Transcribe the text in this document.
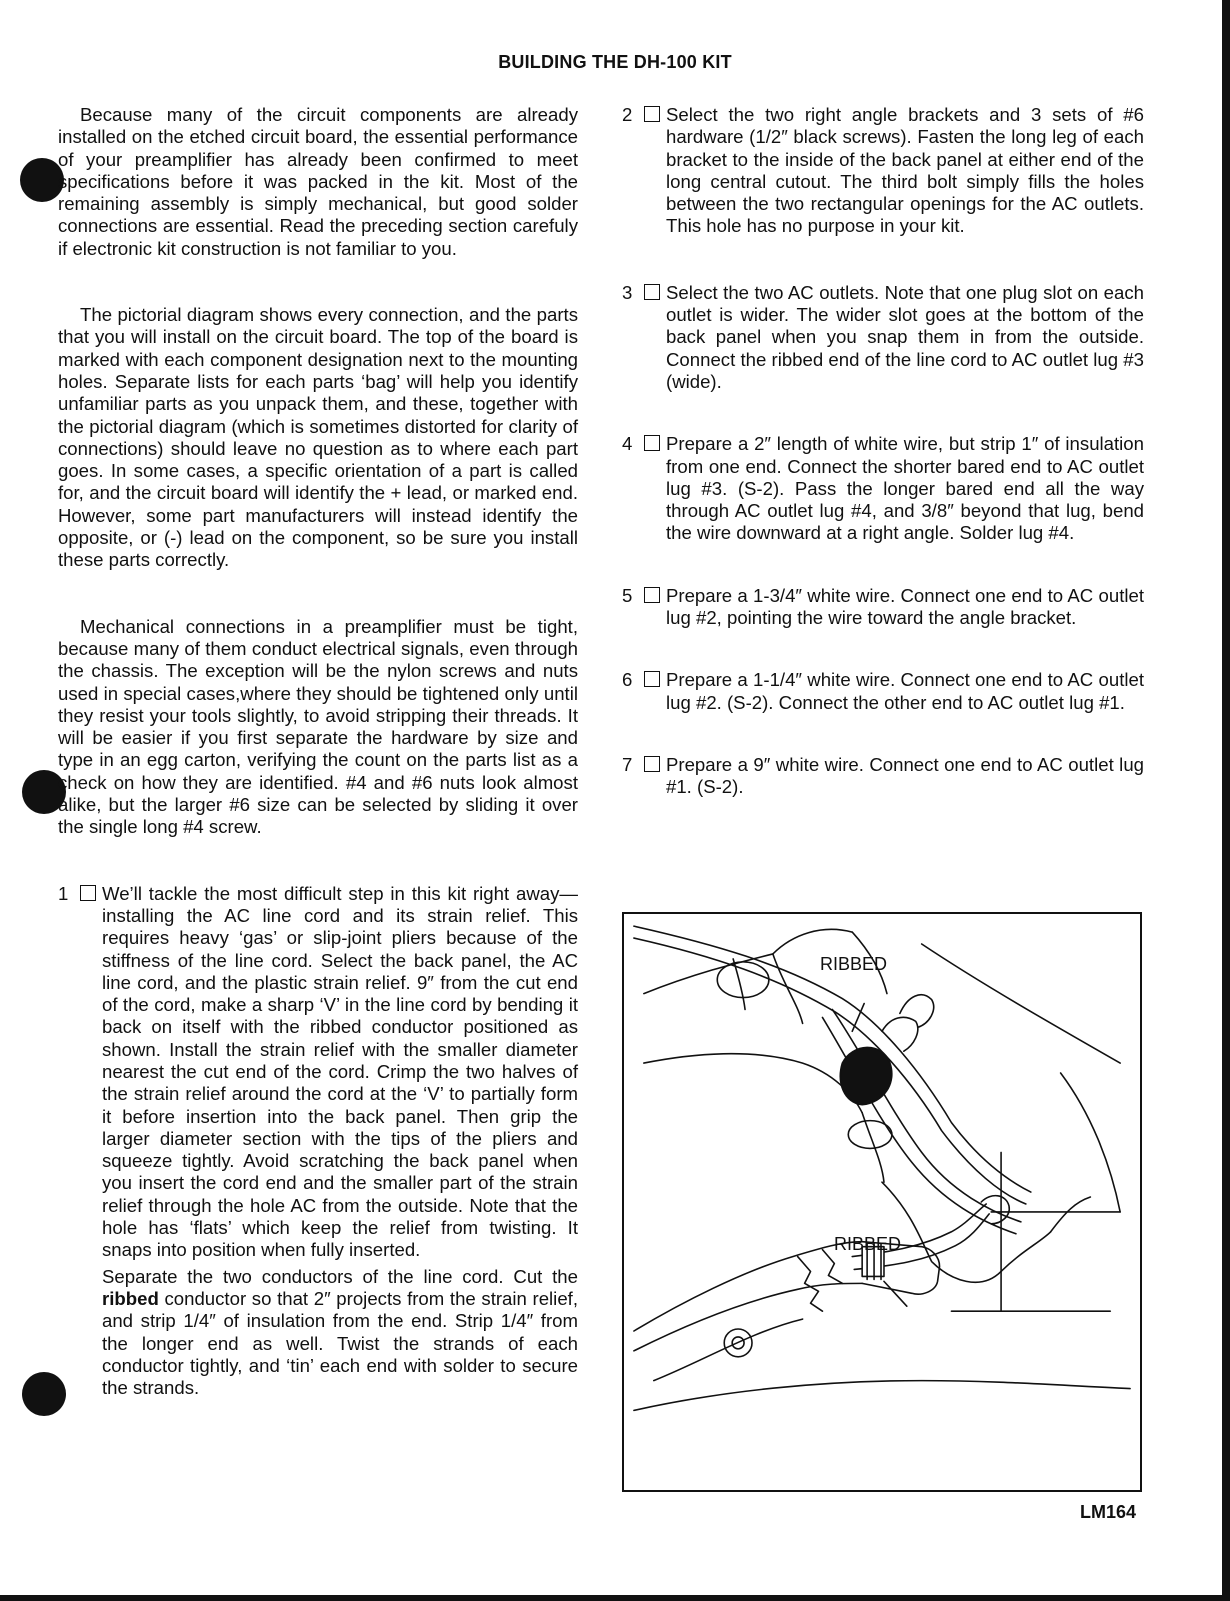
BUILDING THE DH-100 KIT

Because many of the circuit components are already installed on the etched circuit board, the essential performance of your preamplifier has already been confirmed to meet specifications before it was packed in the kit. Most of the remaining assembly is simply mechanical, but good solder connections are essential. Read the preceding section carefuly if electronic kit construction is not familiar to you.

The pictorial diagram shows every connection, and the parts that you will install on the circuit board. The top of the board is marked with each component designation next to the mounting holes. Separate lists for each parts ‘bag’ will help you identify unfamiliar parts as you unpack them, and these, together with the pictorial diagram (which is sometimes distorted for clarity of connections) should leave no question as to where each part goes. In some cases, a specific orientation of a part is called for, and the circuit board will identify the + lead, or marked end. However, some part manufacturers will instead identify the opposite, or (-) lead on the component, so be sure you install these parts correctly.

Mechanical connections in a preamplifier must be tight, because many of them conduct electrical signals, even through the chassis. The exception will be the nylon screws and nuts used in special cases,where they should be tightened only until they resist your tools slightly, to avoid stripping their threads. It will be easier if you first separate the hardware by size and type in an egg carton, verifying the count on the parts list as a check on how they are identified. #4 and #6 nuts look almost alike, but the larger #6 size can be selected by sliding it over the single long #4 screw.

1	We’ll tackle the most difficult step in this kit right away—installing the AC line cord and its strain relief. This requires heavy ‘gas’ or slip-joint pliers because of the stiffness of the line cord. Select the back panel, the AC line cord, and the plastic strain relief. 9″ from the cut end of the cord, make a sharp ‘V’ in the line cord by bending it back on itself with the ribbed conductor positioned as shown. Install the strain relief with the smaller diameter nearest the cut end of the cord. Crimp the two halves of the strain relief around the cord at the ‘V’ to partially form it before insertion into the back panel. Then grip the larger diameter section with the tips of the pliers and squeeze tightly. Avoid scratching the back panel when you insert the cord end and the smaller part of the strain relief through the hole AC from the outside. Note that the hole has ‘flats’ which keep the relief from twisting. It snaps into position when fully inserted.

Separate the two conductors of the line cord. Cut the ribbed conductor so that 2″ projects from the strain relief, and strip 1/4″ of insulation from the end. Strip 1/4″ from the longer end as well. Twist the strands of each conductor tightly, and ‘tin’ each end with solder to secure the strands.

2	Select the two right angle brackets and 3 sets of #6 hardware (1/2″ black screws). Fasten the long leg of each bracket to the inside of the back panel at either end of the long central cutout. The third bolt simply fills the holes between the two rectangular openings for the AC outlets. This hole has no purpose in your kit.
3	Select the two AC outlets. Note that one plug slot on each outlet is wider. The wider slot goes at the bottom of the back panel when you snap them in from the outside. Connect the ribbed end of the line cord to AC outlet lug #3 (wide).
4	Prepare a 2″ length of white wire, but strip 1″ of insulation from one end. Connect the shorter bared end to AC outlet lug #3. (S-2). Pass the longer bared end all the way through AC outlet lug #4, and 3/8″ beyond that lug, bend the wire downward at a right angle. Solder lug #4.
5	Prepare a 1-3/4″ white wire. Connect one end to AC outlet lug #2, pointing the wire toward the angle bracket.
6	Prepare a 1-1/4″ white wire. Connect one end to AC outlet lug #2. (S-2). Connect the other end to AC outlet lug #1.
7	Prepare a 9″ white wire. Connect one end to AC outlet lug #1. (S-2).
RIBBED
RIBBED
LM164
